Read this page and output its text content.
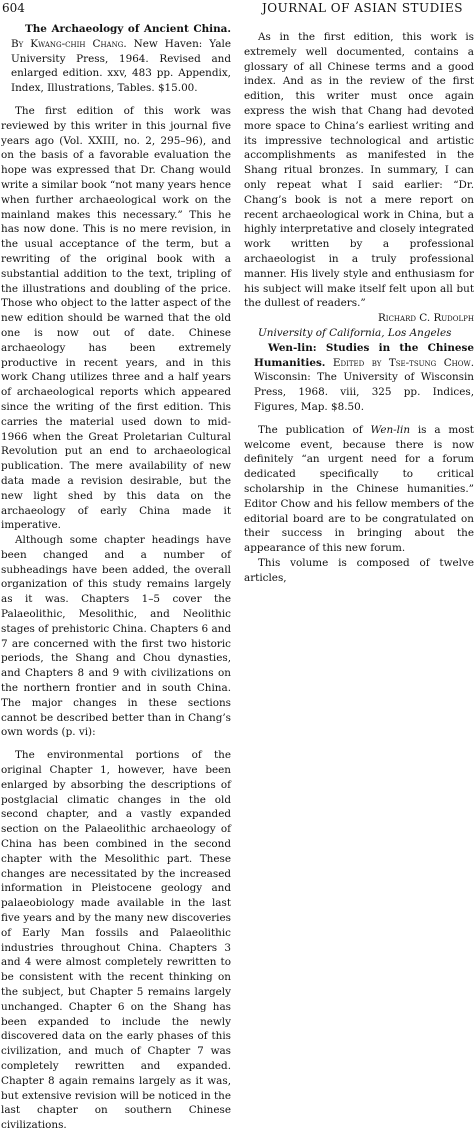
604	JOURNAL OF ASIAN STUDIES

The Archaeology of Ancient China. By Kwang-chih Chang. New Haven: Yale University Press, 1964. Revised and enlarged edition. xxv, 483 pp. Appendix, Index, Illustrations, Tables. $15.00.

The first edition of this work was reviewed by this writer in this journal five years ago (Vol. XXIII, no. 2, 295–96), and on the basis of a favorable evaluation the hope was expressed that Dr. Chang would write a similar book “not many years hence when further archaeological work on the mainland makes this necessary.” This he has now done. This is no mere revision, in the usual acceptance of the term, but a rewriting of the original book with a substantial addition to the text, tripling of the illustrations and doubling of the price. Those who object to the latter aspect of the new edition should be warned that the old one is now out of date. Chinese archaeology has been extremely productive in recent years, and in this work Chang utilizes three and a half years of archaeological reports which appeared since the writing of the first edition. This carries the material used down to mid-1966 when the Great Proletarian Cultural Revolution put an end to archaeological publication. The mere availability of new data made a revision desirable, but the new light shed by this data on the archaeology of early China made it imperative.

Although some chapter headings have been changed and a number of subheadings have been added, the overall organization of this study remains largely as it was. Chapters 1–5 cover the Palaeolithic, Mesolithic, and Neolithic stages of prehistoric China. Chapters 6 and 7 are concerned with the first two historic periods, the Shang and Chou dynasties, and Chapters 8 and 9 with civilizations on the northern frontier and in south China. The major changes in these sections cannot be described better than in Chang’s own words (p. vi):

The environmental portions of the original Chapter 1, however, have been enlarged by absorbing the descriptions of postglacial climatic changes in the old second chapter, and a vastly expanded section on the Palaeolithic archaeology of China has been combined in the second chapter with the Mesolithic part. These changes are necessitated by the increased information in Pleistocene geology and palaeobiology made available in the last five years and by the many new discoveries of Early Man fossils and Palaeolithic industries throughout China. Chapters 3 and 4 were almost completely rewritten to be consistent with the recent thinking on the subject, but Chapter 5 remains largely unchanged. Chapter 6 on the Shang has been expanded to include the newly discovered data on the early phases of this civilization, and much of Chapter 7 was completely rewritten and expanded. Chapter 8 again remains largely as it was, but extensive revision will be noticed in the last chapter on southern Chinese civilizations.

As in the first edition, this work is extremely well documented, contains a glossary of all Chinese terms and a good index. And as in the review of the first edition, this writer must once again express the wish that Chang had devoted more space to China’s earliest writing and its impressive technological and artistic accomplishments as manifested in the Shang ritual bronzes. In summary, I can only repeat what I said earlier: “Dr. Chang’s book is not a mere report on recent archaeological work in China, but a highly interpretative and closely integrated work written by a professional archaeologist in a truly professional manner. His lively style and enthusiasm for his subject will make itself felt upon all but the dullest of readers.”

Richard C. Rudolph

University of California, Los Angeles

Wen-lin: Studies in the Chinese Humanities. Edited by Tse-tsung Chow. Wisconsin: The University of Wisconsin Press, 1968. viii, 325 pp. Indices, Figures, Map. $8.50.

The publication of Wen-lin is a most welcome event, because there is now definitely “an urgent need for a forum dedicated specifically to critical scholarship in the Chinese humanities.” Editor Chow and his fellow members of the editorial board are to be congratulated on their success in bringing about the appearance of this new forum.

This volume is composed of twelve articles,
